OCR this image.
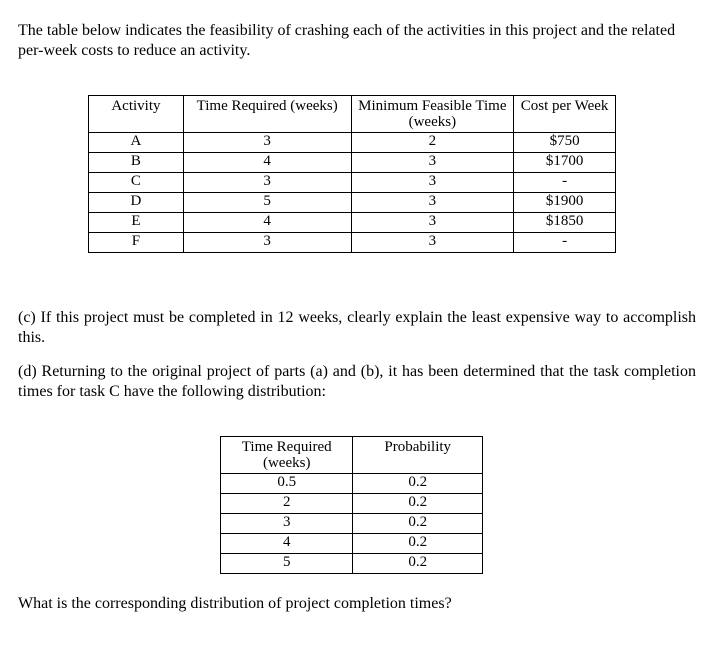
The table below indicates the feasibility of crashing each of the activities in this project and the related per-week costs to reduce an activity.

Activity	Time Required (weeks)	Minimum Feasible Time (weeks)	Cost per Week
A	3	2	$750
B	4	3	$1700
C	3	3	-
D	5	3	$1900
E	4	3	$1850
F	3	3	-

(c) If this project must be completed in 12 weeks, clearly explain the least expensive way to accomplish this.

(d) Returning to the original project of parts (a) and (b), it has been determined that the task completion times for task C have the following distribution:

Time Required (weeks)	Probability
0.5	0.2
2	0.2
3	0.2
4	0.2
5	0.2

What is the corresponding distribution of project completion times?
